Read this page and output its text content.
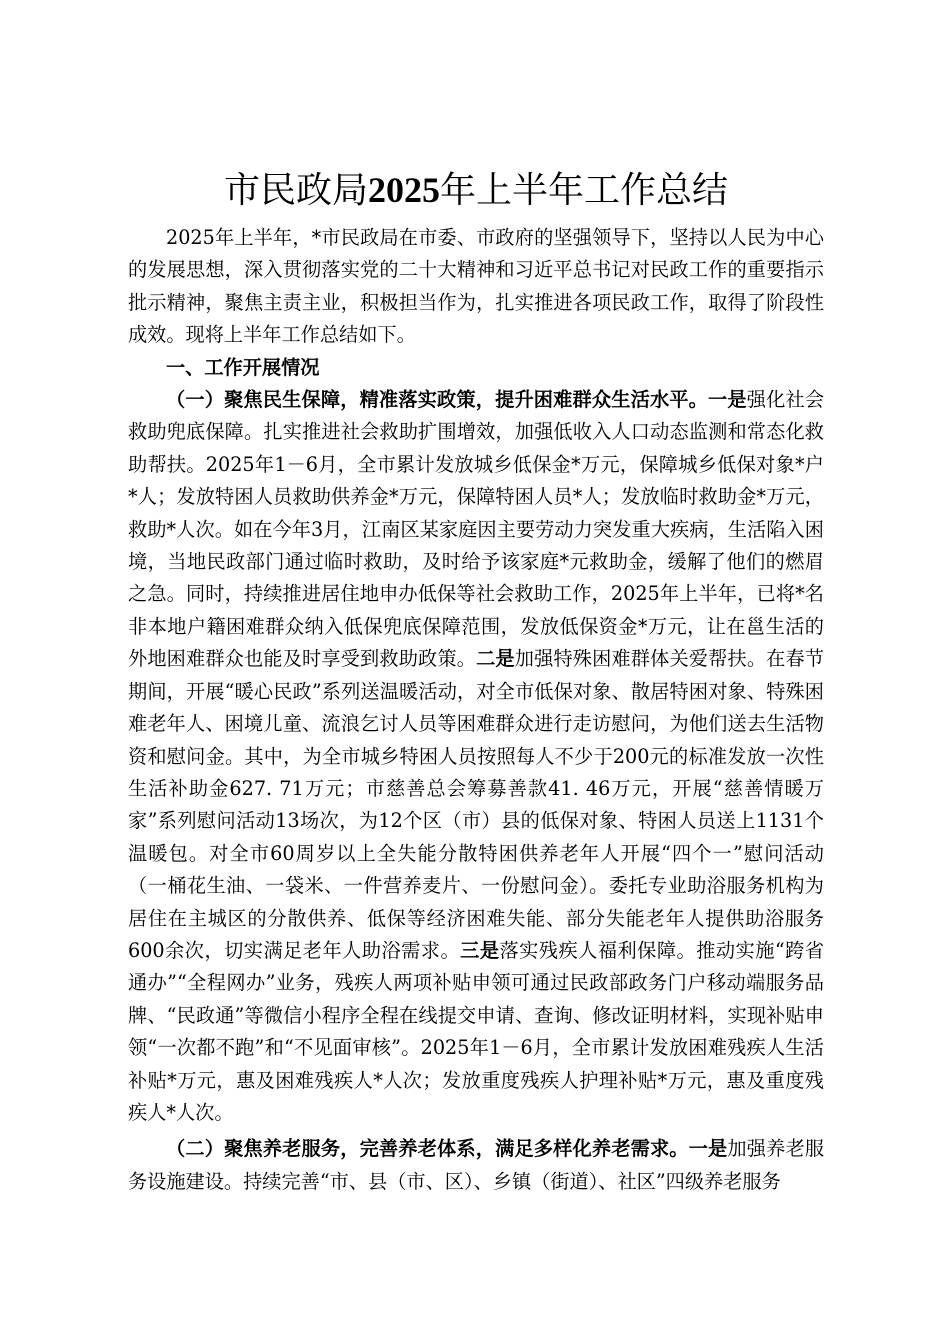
市民政局2025年上半年工作总结

2025年上半年，*市民政局在市委、市政府的坚强领导下，坚持以人民为中心的发展思想，深入贯彻落实党的二十大精神和习近平总书记对民政工作的重要指示批示精神，聚焦主责主业，积极担当作为，扎实推进各项民政工作，取得了阶段性成效。现将上半年工作总结如下。

一、工作开展情况

（一）聚焦民生保障，精准落实政策，提升困难群众生活水平。一是强化社会救助兜底保障。扎实推进社会救助扩围增效，加强低收入人口动态监测和常态化救助帮扶。2025年1－6月，全市累计发放城乡低保金*万元，保障城乡低保对象*户*人；发放特困人员救助供养金*万元，保障特困人员*人；发放临时救助金*万元，救助*人次。如在今年3月，江南区某家庭因主要劳动力突发重大疾病，生活陷入困境，当地民政部门通过临时救助，及时给予该家庭*元救助金，缓解了他们的燃眉之急。同时，持续推进居住地申办低保等社会救助工作，2025年上半年，已将*名非本地户籍困难群众纳入低保兜底保障范围，发放低保资金*万元，让在邕生活的外地困难群众也能及时享受到救助政策。二是加强特殊困难群体关爱帮扶。在春节期间，开展“暖心民政”系列送温暖活动，对全市低保对象、散居特困对象、特殊困难老年人、困境儿童、流浪乞讨人员等困难群众进行走访慰问，为他们送去生活物资和慰问金。其中，为全市城乡特困人员按照每人不少于200元的标准发放一次性生活补助金627. 71万元；市慈善总会筹募善款41. 46万元，开展“慈善情暖万家”系列慰问活动13场次，为12个区（市）县的低保对象、特困人员送上1131个温暖包。对全市60周岁以上全失能分散特困供养老年人开展“四个一”慰问活动（一桶花生油、一袋米、一件营养麦片、一份慰问金）。委托专业助浴服务机构为居住在主城区的分散供养、低保等经济困难失能、部分失能老年人提供助浴服务600余次，切实满足老年人助浴需求。三是落实残疾人福利保障。推动实施“跨省通办”“全程网办”业务，残疾人两项补贴申领可通过民政部政务门户移动端服务品牌、“民政通”等微信小程序全程在线提交申请、查询、修改证明材料，实现补贴申领“一次都不跑”和“不见面审核”。2025年1－6月，全市累计发放困难残疾人生活补贴*万元，惠及困难残疾人*人次；发放重度残疾人护理补贴*万元，惠及重度残疾人*人次。

（二）聚焦养老服务，完善养老体系，满足多样化养老需求。一是加强养老服务设施建设。持续完善“市、县（市、区）、乡镇（街道）、社区”四级养老服务
